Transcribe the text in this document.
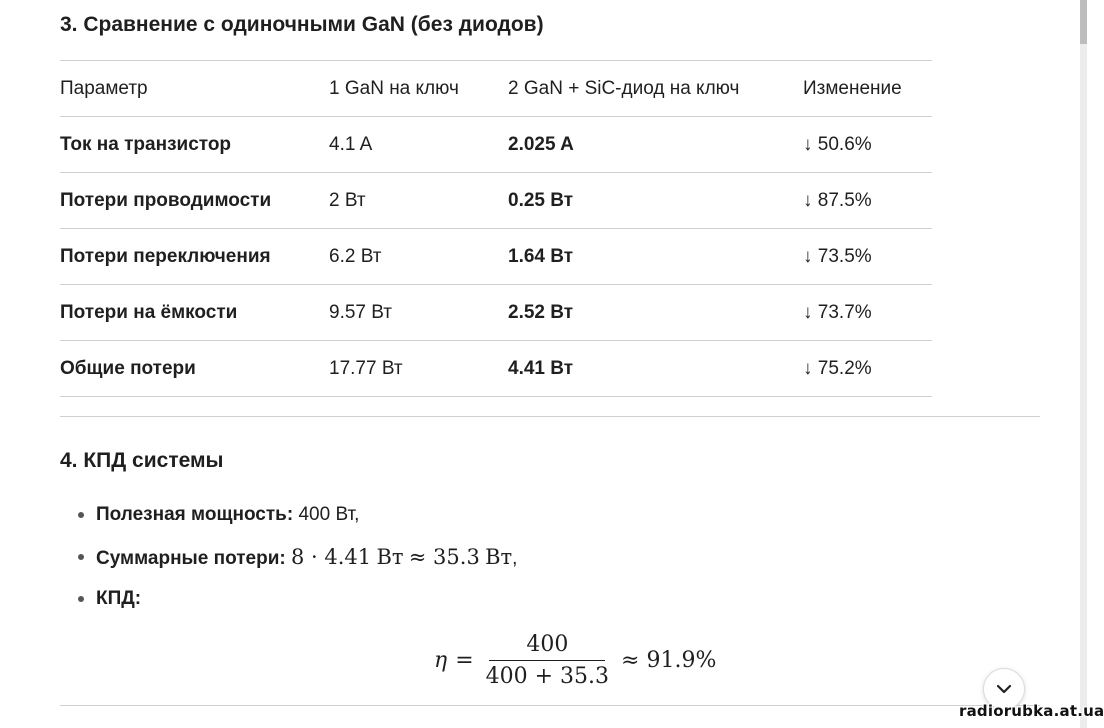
3. Сравнение с одиночными GaN (без диодов)
Параметр	1 GaN на ключ	2 GaN + SiC-диод на ключ	Изменение
Ток на транзистор	4.1 A	2.025 A	↓ 50.6%
Потери проводимости	2 Вт	0.25 Вт	↓ 87.5%
Потери переключения	6.2 Вт	1.64 Вт	↓ 73.5%
Потери на ёмкости	9.57 Вт	2.52 Вт	↓ 73.7%
Общие потери	17.77 Вт	4.41 Вт	↓ 75.2%
4. КПД системы
Полезная мощность: 400 Вт,
Суммарные потери: 8 · 4.41 Вт ≈ 35.3 Вт,
КПД:
$\eta = \frac{400}{400 + 35.3} \approx 91.9\%$
radiorubka.at.ua
